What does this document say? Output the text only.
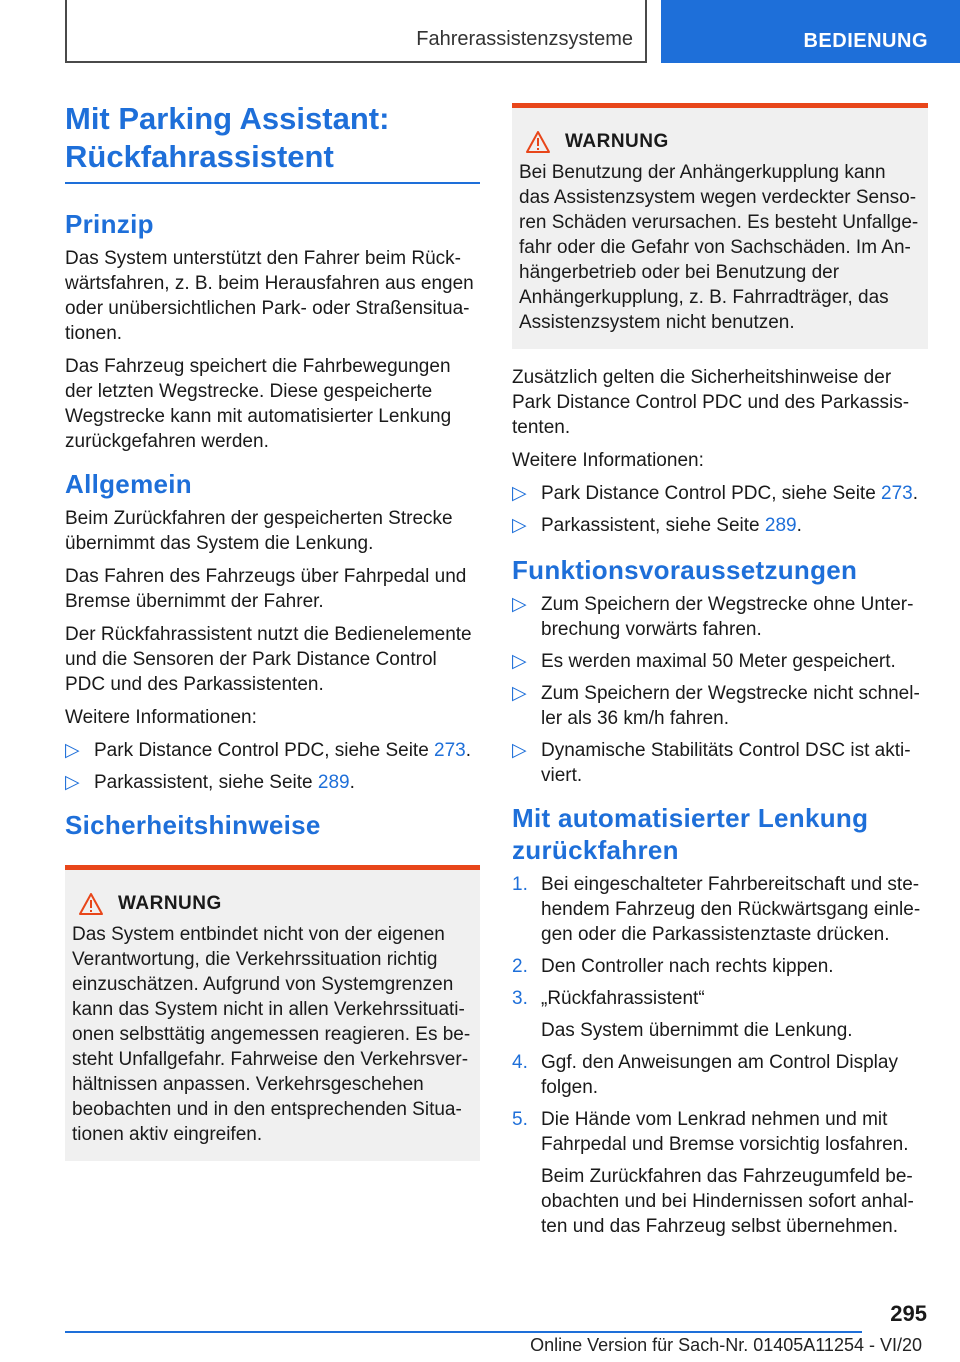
Fahrerassistenzsysteme	BEDIENUNG
Mit Parking Assistant: Rückfahrassistent
Prinzip

Das System unterstützt den Fahrer beim Rückwärtsfahren, z. B. beim Herausfahren aus engen oder unübersichtlichen Park- oder Straßensituationen.

Das Fahrzeug speichert die Fahrbewegungen der letzten Wegstrecke. Diese gespeicherte Wegstrecke kann mit automatisierter Lenkung zurückgefahren werden.

Allgemein

Beim Zurückfahren der gespeicherten Strecke übernimmt das System die Lenkung.

Das Fahren des Fahrzeugs über Fahrpedal und Bremse übernimmt der Fahrer.

Der Rückfahrassistent nutzt die Bedienelemente und die Sensoren der Park Distance Control PDC und des Parkassistenten.

Weitere Informationen:

▷ Park Distance Control PDC, siehe Seite 273.
▷ Parkassistent, siehe Seite 289.
Sicherheitshinweise
WARNUNG

Das System entbindet nicht von der eigenen Verantwortung, die Verkehrssituation richtig einzuschätzen. Aufgrund von Systemgrenzen kann das System nicht in allen Verkehrssituationen selbsttätig angemessen reagieren. Es besteht Unfallgefahr. Fahrweise den Verkehrsverhältnissen anpassen. Verkehrsgeschehen beobachten und in den entsprechenden Situationen aktiv eingreifen.

WARNUNG

Bei Benutzung der Anhängerkupplung kann das Assistenzsystem wegen verdeckter Sensoren Schäden verursachen. Es besteht Unfallgefahr oder die Gefahr von Sachschäden. Im Anhängerbetrieb oder bei Benutzung der Anhängerkupplung, z. B. Fahrradträger, das Assistenzsystem nicht benutzen.

Zusätzlich gelten die Sicherheitshinweise der Park Distance Control PDC und des Parkassistenten.

Weitere Informationen:

▷ Park Distance Control PDC, siehe Seite 273.
▷ Parkassistent, siehe Seite 289.
Funktionsvoraussetzungen
▷ Zum Speichern der Wegstrecke ohne Unterbrechung vorwärts fahren.
▷ Es werden maximal 50 Meter gespeichert.
▷ Zum Speichern der Wegstrecke nicht schneller als 36 km/h fahren.
▷ Dynamische Stabilitäts Control DSC ist aktiviert.
Mit automatisierter Lenkung zurückfahren
1. Bei eingeschalteter Fahrbereitschaft und stehendem Fahrzeug den Rückwärtsgang einlegen oder die Parkassistenztaste drücken.
2. Den Controller nach rechts kippen.
3. „Rückfahrassistent“
Das System übernimmt die Lenkung.
4. Ggf. den Anweisungen am Control Display folgen.
5. Die Hände vom Lenkrad nehmen und mit Fahrpedal und Bremse vorsichtig losfahren.
Beim Zurückfahren das Fahrzeugumfeld beobachten und bei Hindernissen sofort anhalten und das Fahrzeug selbst übernehmen.
295
Online Version für Sach-Nr. 01405A11254 - VI/20
